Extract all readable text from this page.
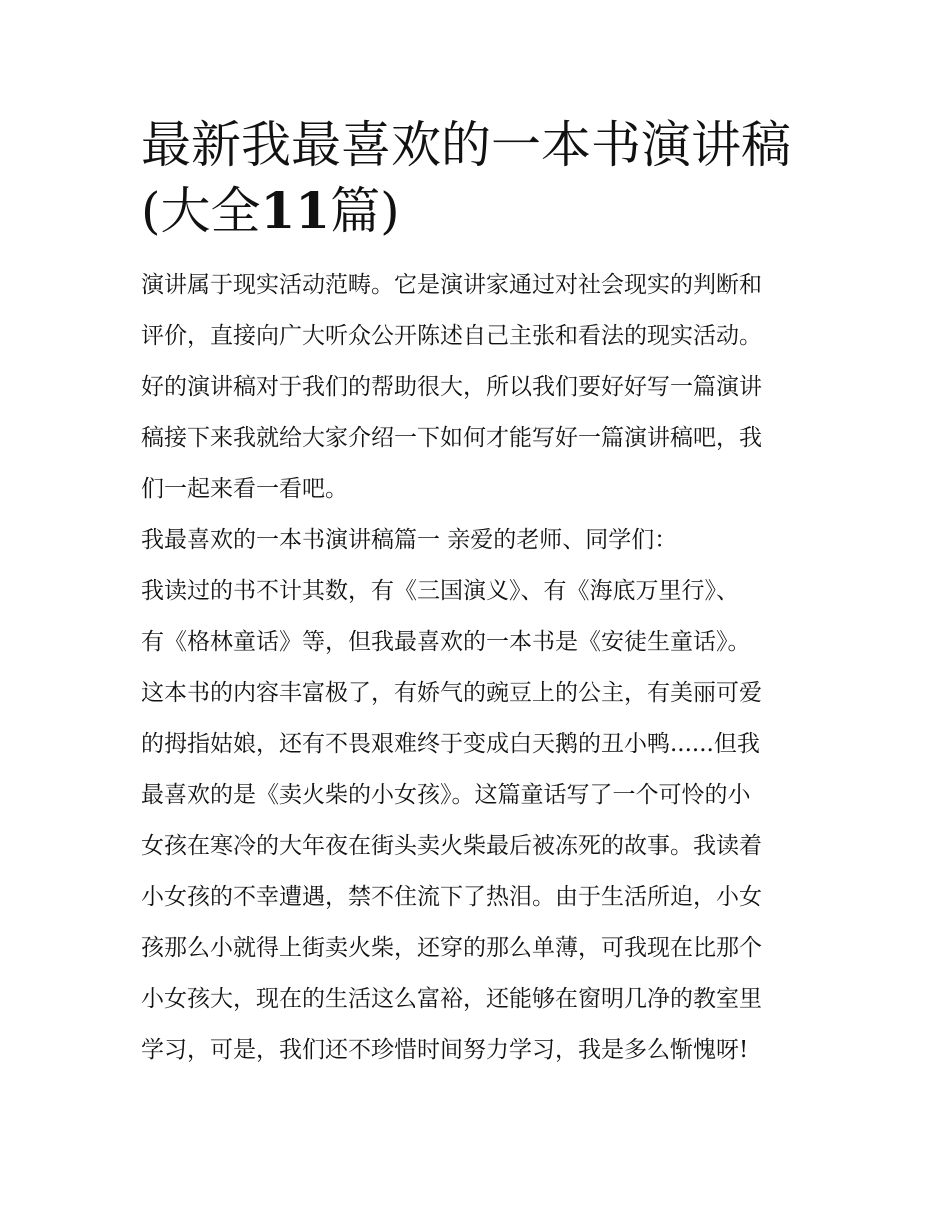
最新我最喜欢的一本书演讲稿
(大全11篇)
演讲属于现实活动范畴。它是演讲家通过对社会现实的判断和
评价，直接向广大听众公开陈述自己主张和看法的现实活动。
好的演讲稿对于我们的帮助很大，所以我们要好好写一篇演讲
稿接下来我就给大家介绍一下如何才能写好一篇演讲稿吧，我
们一起来看一看吧。
我最喜欢的一本书演讲稿篇一 亲爱的老师、同学们：
我读过的书不计其数，有《三国演义》、有《海底万里行》、
有《格林童话》等，但我最喜欢的一本书是《安徒生童话》。
这本书的内容丰富极了，有娇气的豌豆上的公主，有美丽可爱
的拇指姑娘，还有不畏艰难终于变成白天鹅的丑小鸭......但我
最喜欢的是《卖火柴的小女孩》。这篇童话写了一个可怜的小
女孩在寒冷的大年夜在街头卖火柴最后被冻死的故事。我读着
小女孩的不幸遭遇，禁不住流下了热泪。由于生活所迫，小女
孩那么小就得上街卖火柴，还穿的那么单薄，可我现在比那个
小女孩大，现在的生活这么富裕，还能够在窗明几净的教室里
学习，可是，我们还不珍惜时间努力学习，我是多么惭愧呀!
